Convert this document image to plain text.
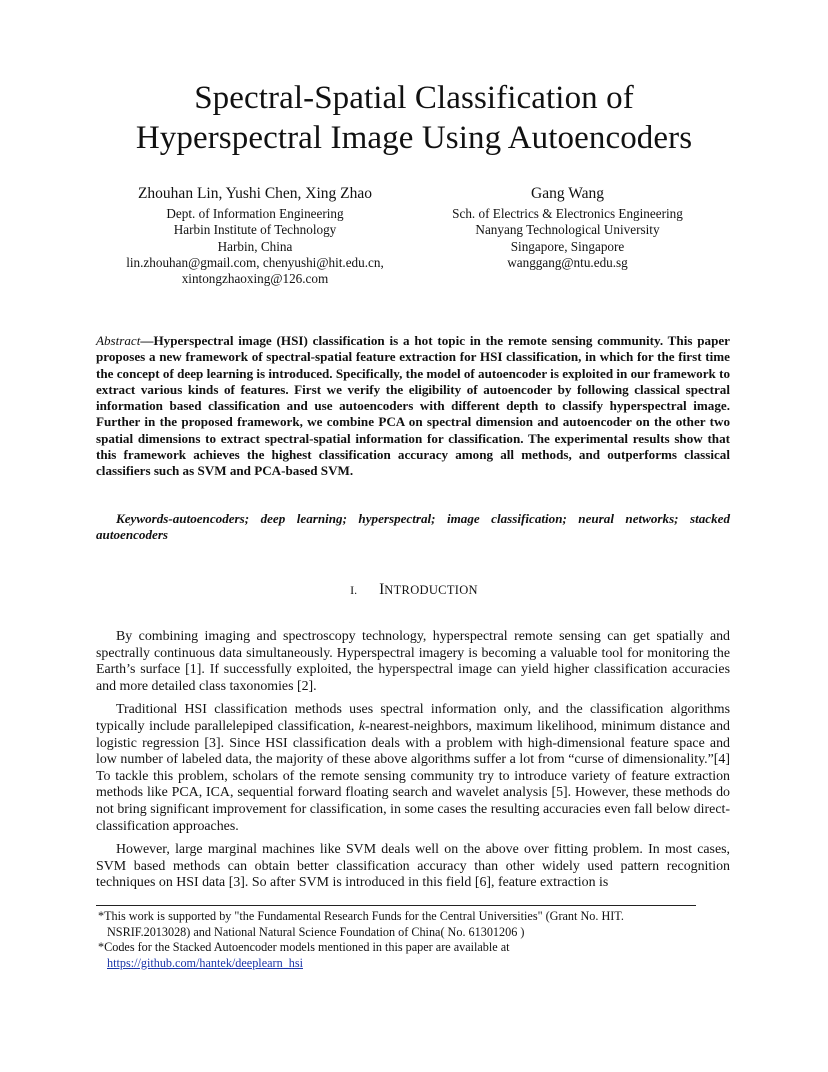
Spectral-Spatial Classification of
Hyperspectral Image Using Autoencoders
Zhouhan Lin, Yushi Chen, Xing Zhao
Dept. of Information Engineering
Harbin Institute of Technology
Harbin, China
lin.zhouhan@gmail.com, chenyushi@hit.edu.cn,
xintongzhaoxing@126.com
Gang Wang
Sch. of Electrics & Electronics Engineering
Nanyang Technological University
Singapore, Singapore
wanggang@ntu.edu.sg
Abstract—Hyperspectral image (HSI) classification is a hot topic in the remote sensing community. This paper proposes a new framework of spectral-spatial feature extraction for HSI classification, in which for the first time the concept of deep learning is introduced. Specifically, the model of autoencoder is exploited in our framework to extract various kinds of features. First we verify the eligibility of autoencoder by following classical spectral information based classification and use autoencoders with different depth to classify hyperspectral image. Further in the proposed framework, we combine PCA on spectral dimension and autoencoder on the other two spatial dimensions to extract spectral-spatial information for classification. The experimental results show that this framework achieves the highest classification accuracy among all methods, and outperforms classical classifiers such as SVM and PCA-based SVM.
Keywords-autoencoders; deep learning; hyperspectral; image classification; neural networks; stacked autoencoders
I. INTRODUCTION

By combining imaging and spectroscopy technology, hyperspectral remote sensing can get spatially and spectrally continuous data simultaneously. Hyperspectral imagery is becoming a valuable tool for monitoring the Earth’s surface [1]. If successfully exploited, the hyperspectral image can yield higher classification accuracies and more detailed class taxonomies [2].

Traditional HSI classification methods uses spectral information only, and the classification algorithms typically include parallelepiped classification, k-nearest-neighbors, maximum likelihood, minimum distance and logistic regression [3]. Since HSI classification deals with a problem with high-dimensional feature space and low number of labeled data, the majority of these above algorithms suffer a lot from “curse of dimensionality.”[4] To tackle this problem, scholars of the remote sensing community try to introduce variety of feature extraction methods like PCA, ICA, sequential forward floating search and wavelet analysis [5]. However, these methods do not bring significant improvement for classification, in some cases the resulting accuracies even fall below direct-classification approaches.

However, large marginal machines like SVM deals well on the above over fitting problem. In most cases, SVM based methods can obtain better classification accuracy than other widely used pattern recognition techniques on HSI data [3]. So after SVM is introduced in this field [6], feature extraction is

*This work is supported by "the Fundamental Research Funds for the Central Universities" (Grant No. HIT.
NSRIF.2013028) and National Natural Science Foundation of China( No. 61301206 )
*Codes for the Stacked Autoencoder models mentioned in this paper are available at
https://github.com/hantek/deeplearn_hsi
